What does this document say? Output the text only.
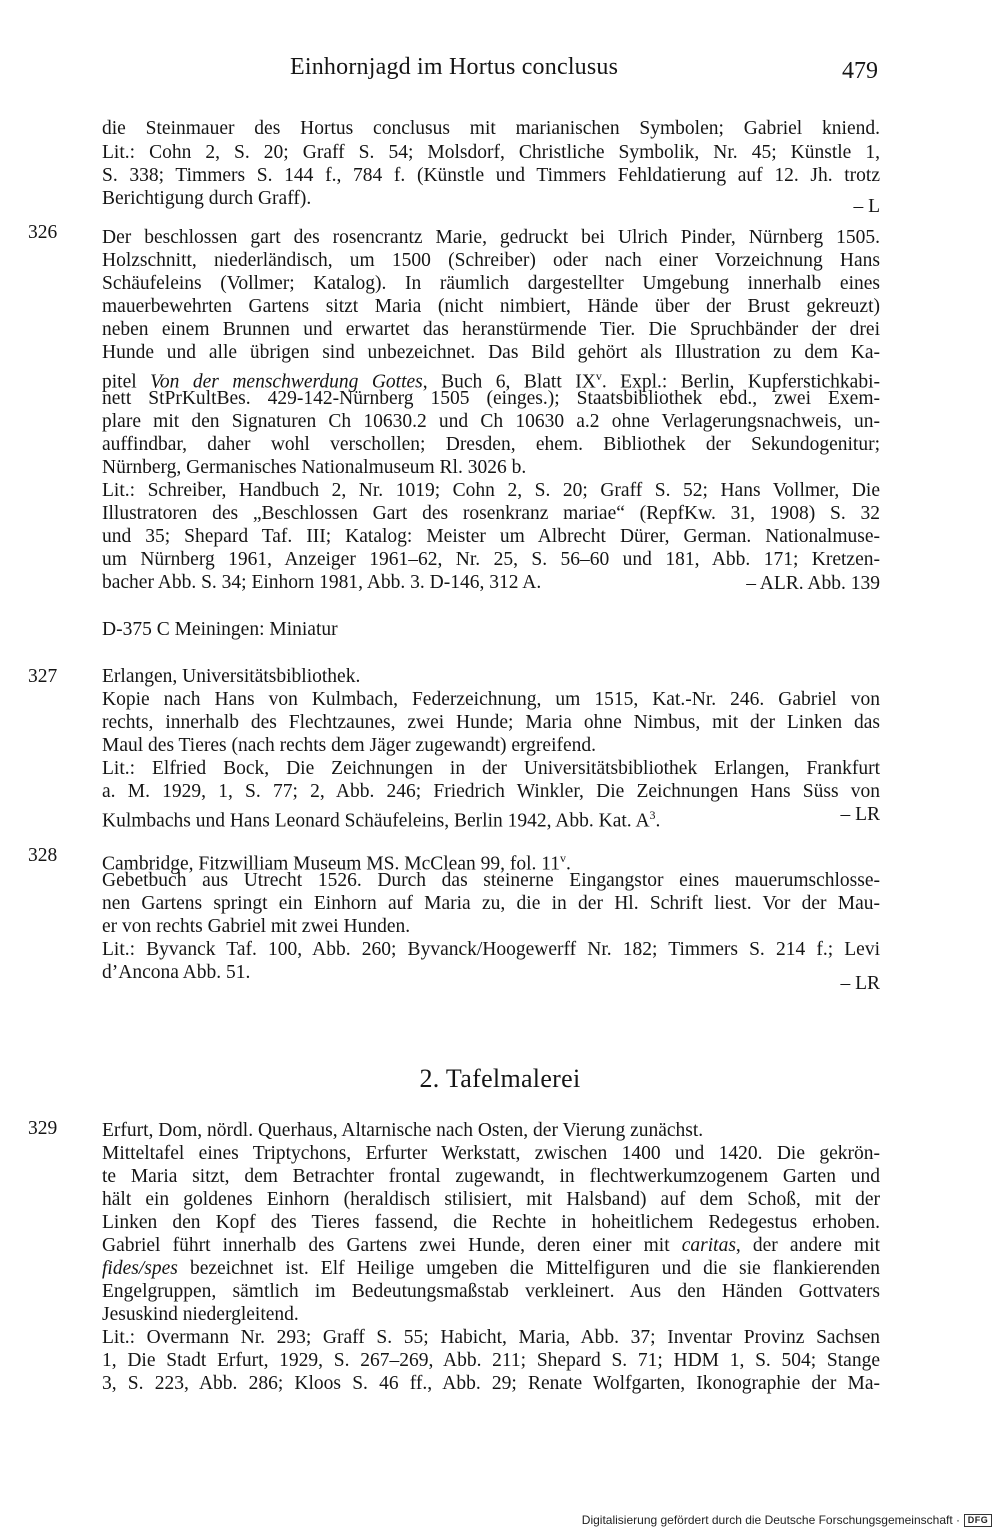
Einhornjagd im Hortus conclusus	479
die Steinmauer des Hortus conclusus mit marianischen Symbolen; Gabriel kniend.
Lit.: Cohn 2, S. 20; Graff S. 54; Molsdorf, Christliche Symbolik, Nr. 45; Künstle 1,
S. 338; Timmers S. 144 f., 784 f. (Künstle und Timmers Fehldatierung auf 12. Jh. trotz
Berichtigung durch Graff).	– L
326 Der beschlossen gart des rosencrantz Marie, gedruckt bei Ulrich Pinder, Nürnberg 1505.
Holzschnitt, niederländisch, um 1500 (Schreiber) oder nach einer Vorzeichnung Hans
Schäufeleins (Vollmer; Katalog). In räumlich dargestellter Umgebung innerhalb eines
mauerbewehrten Gartens sitzt Maria (nicht nimbiert, Hände über der Brust gekreuzt)
neben einem Brunnen und erwartet das heranstürmende Tier. Die Spruchbänder der drei
Hunde und alle übrigen sind unbezeichnet. Das Bild gehört als Illustration zu dem Ka-
pitel Von der menschwerdung Gottes, Buch 6, Blatt $IX^v$. Expl.: Berlin, Kupferstichkabi-
nett StPrKultBes. 429-142-Nürnberg 1505 (einges.); Staatsbibliothek ebd., zwei Exem-
plare mit den Signaturen Ch 10630.2 und Ch 10630 a.2 ohne Verlagerungsnachweis, un-
auffindbar, daher wohl verschollen; Dresden, ehem. Bibliothek der Sekundogenitur;
Nürnberg, Germanisches Nationalmuseum Rl. 3026 b.
Lit.: Schreiber, Handbuch 2, Nr. 1019; Cohn 2, S. 20; Graff S. 52; Hans Vollmer, Die
Illustratoren des „Beschlossen Gart des rosenkranz mariae“ (RepfKw. 31, 1908) S. 32
und 35; Shepard Taf. III; Katalog: Meister um Albrecht Dürer, German. Nationalmuse-
um Nürnberg 1961, Anzeiger 1961–62, Nr. 25, S. 56–60 und 181, Abb. 171; Kretzen-
bacher Abb. S. 34; Einhorn 1981, Abb. 3. D-146, 312 A.	– ALR. Abb. 139
D-375 C Meiningen: Miniatur
327 Erlangen, Universitätsbibliothek.
Kopie nach Hans von Kulmbach, Federzeichnung, um 1515, Kat.-Nr. 246. Gabriel von
rechts, innerhalb des Flechtzaunes, zwei Hunde; Maria ohne Nimbus, mit der Linken das
Maul des Tieres (nach rechts dem Jäger zugewandt) ergreifend.
Lit.: Elfried Bock, Die Zeichnungen in der Universitätsbibliothek Erlangen, Frankfurt
a. M. 1929, 1, S. 77; 2, Abb. 246; Friedrich Winkler, Die Zeichnungen Hans Süss von
Kulmbachs und Hans Leonard Schäufeleins, Berlin 1942, Abb. Kat. $A^3$.	– LR
328 Cambridge, Fitzwilliam Museum MS. McClean 99, fol. 11$^v$.
Gebetbuch aus Utrecht 1526. Durch das steinerne Eingangstor eines mauerumschlosse-
nen Gartens springt ein Einhorn auf Maria zu, die in der Hl. Schrift liest. Vor der Mau-
er von rechts Gabriel mit zwei Hunden.
Lit.: Byvanck Taf. 100, Abb. 260; Byvanck/Hoogewerff Nr. 182; Timmers S. 214 f.; Levi
d’Ancona Abb. 51.
– LR
2. Tafelmalerei
329 Erfurt, Dom, nördl. Querhaus, Altarnische nach Osten, der Vierung zunächst.
Mitteltafel eines Triptychons, Erfurter Werkstatt, zwischen 1400 und 1420. Die gekrön-
te Maria sitzt, dem Betrachter frontal zugewandt, in flechtwerkumzogenem Garten und
hält ein goldenes Einhorn (heraldisch stilisiert, mit Halsband) auf dem Schoß, mit der
Linken den Kopf des Tieres fassend, die Rechte in hoheitlichem Redegestus erhoben.
Gabriel führt innerhalb des Gartens zwei Hunde, deren einer mit caritas, der andere mit
fides/spes bezeichnet ist. Elf Heilige umgeben die Mittelfiguren und die sie flankierenden
Engelgruppen, sämtlich im Bedeutungsmaßstab verkleinert. Aus den Händen Gottvaters
Jesuskind niedergleitend.
Lit.: Overmann Nr. 293; Graff S. 55; Habicht, Maria, Abb. 37; Inventar Provinz Sachsen
1, Die Stadt Erfurt, 1929, S. 267–269, Abb. 211; Shepard S. 71; HDM 1, S. 504; Stange
3, S. 223, Abb. 286; Kloos S. 46 ff., Abb. 29; Renate Wolfgarten, Ikonographie der Ma-
Digitalisierung gefördert durch die Deutsche Forschungsgemeinschaft · DFG
